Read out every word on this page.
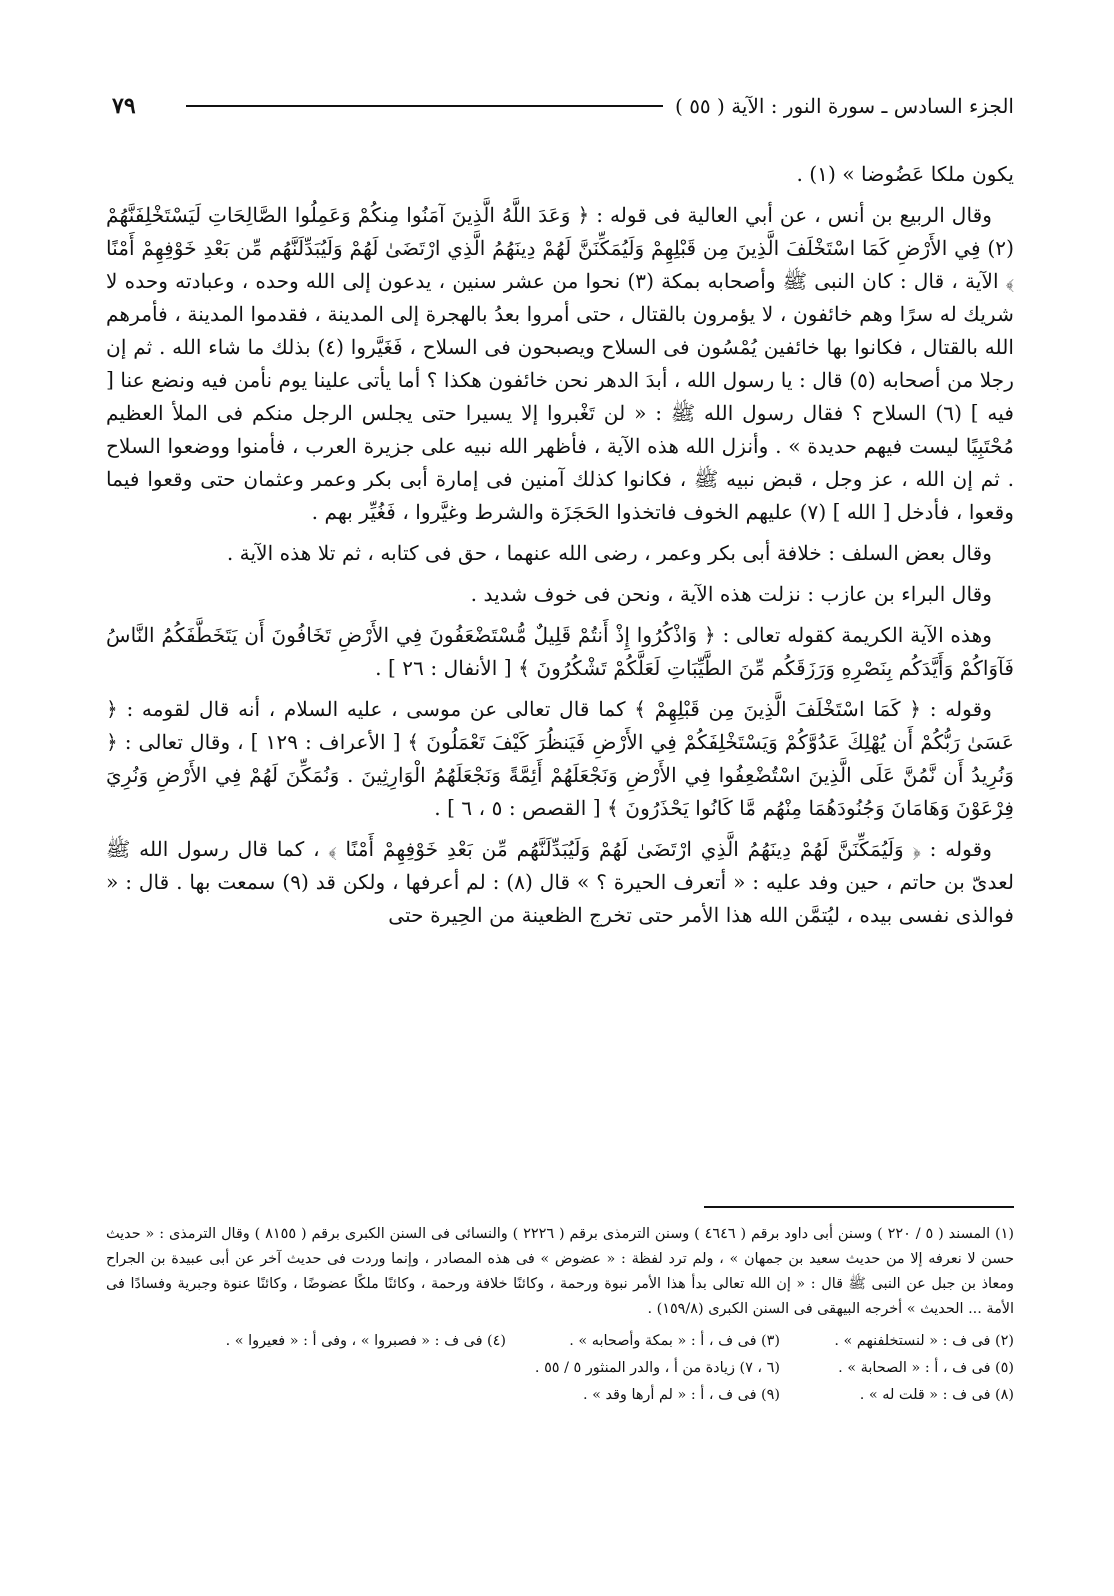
٧٩	الجزء السادس ـ سورة النور : الآية ( ٥٥ )

يكون ملكا عَضُوضا » (١) .

وقال الربيع بن أنس ، عن أبي العالية فى قوله : ﴿ وَعَدَ اللَّهُ الَّذِينَ آمَنُوا مِنكُمْ وَعَمِلُوا الصَّالِحَاتِ لَيَسْتَخْلِفَنَّهُمْ (٢) فِي الأَرْضِ كَمَا اسْتَخْلَفَ الَّذِينَ مِن قَبْلِهِمْ وَلَيُمَكِّنَنَّ لَهُمْ دِينَهُمُ الَّذِي ارْتَضَىٰ لَهُمْ وَلَيُبَدِّلَنَّهُم مِّن بَعْدِ خَوْفِهِمْ أَمْنًا ﴾ الآية ، قال : كان النبى ﷺ وأصحابه بمكة (٣) نحوا من عشر سنين ، يدعون إلى الله وحده ، وعبادته وحده لا شريك له سرًا وهم خائفون ، لا يؤمرون بالقتال ، حتى أمروا بعدُ بالهجرة إلى المدينة ، فقدموا المدينة ، فأمرهم الله بالقتال ، فكانوا بها خائفين يُمْسُون فى السلاح ويصبحون فى السلاح ، فَغَيَّروا (٤) بذلك ما شاء الله . ثم إن رجلا من أصحابه (٥) قال : يا رسول الله ، أبدَ الدهر نحن خائفون هكذا ؟ أما يأتى علينا يوم نأمن فيه ونضع عنا [ فيه ] (٦) السلاح ؟ فقال رسول الله ﷺ : « لن تَغْبروا إلا يسيرا حتى يجلس الرجل منكم فى الملأ العظيم مُحْتَبِيًا ليست فيهم حديدة » . وأنزل الله هذه الآية ، فأظهر الله نبيه على جزيرة العرب ، فأمنوا ووضعوا السلاح . ثم إن الله ، عز وجل ، قبض نبيه ﷺ ، فكانوا كذلك آمنين فى إمارة أبى بكر وعمر وعثمان حتى وقعوا فيما وقعوا ، فأدخل [ الله ] (٧) عليهم الخوف فاتخذوا الحَجَزَة والشرط وغيَّروا ، فَغُيِّر بهم .

وقال بعض السلف : خلافة أبى بكر وعمر ، رضى الله عنهما ، حق فى كتابه ، ثم تلا هذه الآية .

وقال البراء بن عازب : نزلت هذه الآية ، ونحن فى خوف شديد .

وهذه الآية الكريمة كقوله تعالى : ﴿ وَاذْكُرُوا إِذْ أَنتُمْ قَلِيلٌ مُّسْتَضْعَفُونَ فِي الأَرْضِ تَخَافُونَ أَن يَتَخَطَّفَكُمُ النَّاسُ فَآوَاكُمْ وَأَيَّدَكُم بِنَصْرِهِ وَرَزَقَكُم مِّنَ الطَّيِّبَاتِ لَعَلَّكُمْ تَشْكُرُونَ ﴾ [ الأنفال : ٢٦ ] .

وقوله : ﴿ كَمَا اسْتَخْلَفَ الَّذِينَ مِن قَبْلِهِمْ ﴾ كما قال تعالى عن موسى ، عليه السلام ، أنه قال لقومه : ﴿ عَسَىٰ رَبُّكُمْ أَن يُهْلِكَ عَدُوَّكُمْ وَيَسْتَخْلِفَكُمْ فِي الأَرْضِ فَيَنظُرَ كَيْفَ تَعْمَلُونَ ﴾ [ الأعراف : ١٢٩ ] ، وقال تعالى : ﴿ وَنُرِيدُ أَن نَّمُنَّ عَلَى الَّذِينَ اسْتُضْعِفُوا فِي الأَرْضِ وَنَجْعَلَهُمْ أَئِمَّةً وَنَجْعَلَهُمُ الْوَارِثِينَ . وَنُمَكِّنَ لَهُمْ فِي الأَرْضِ وَنُرِيَ فِرْعَوْنَ وَهَامَانَ وَجُنُودَهُمَا مِنْهُم مَّا كَانُوا يَحْذَرُونَ ﴾ [ القصص : ٥ ، ٦ ] .

وقوله : ﴿ وَلَيُمَكِّنَنَّ لَهُمْ دِينَهُمُ الَّذِي ارْتَضَىٰ لَهُمْ وَلَيُبَدِّلَنَّهُم مِّن بَعْدِ خَوْفِهِمْ أَمْنًا ﴾ ، كما قال رسول الله ﷺ لعدىّ بن حاتم ، حين وفد عليه : « أتعرف الحيرة ؟ » قال (٨) : لم أعرفها ، ولكن قد (٩) سمعت بها . قال : « فوالذى نفسى بيده ، ليُتمَّن الله هذا الأمر حتى تخرج الظعينة من الحِيرة حتى

(١) المسند ( ٥ / ٢٢٠ ) وسنن أبى داود برقم ( ٤٦٤٦ ) وسنن الترمذى برقم ( ٢٢٢٦ ) والنسائى فى السنن الكبرى برقم ( ٨١٥٥ ) وقال الترمذى : « حديث حسن لا نعرفه إلا من حديث سعيد بن جمهان » ، ولم ترد لفظة : « عضوض » فى هذه المصادر ، وإنما وردت فى حديث آخر عن أبى عبيدة بن الجراح ومعاذ بن جبل عن النبى ﷺ قال : « إن الله تعالى بدأ هذا الأمر نبوة ورحمة ، وكائنًا خلافة ورحمة ، وكائنًا ملكًا عضوضًا ، وكائنًا عنوة وجبرية وفسادًا فى الأمة ... الحديث » أخرجه البيهقى فى السنن الكبرى (١٥٩/٨) .

(٢) فى ف : « لنستخلفنهم » .
(٣) فى ف ، أ : « بمكة وأصحابه » .
(٤) فى ف : « فصبروا » ، وفى أ : « فعيروا » .
(٥) فى ف ، أ : « الصحابة » .
(٦ ، ٧) زيادة من أ ، والدر المنثور ٥ / ٥٥ .
(٨) فى ف : « قلت له » .
(٩) فى ف ، أ : « لم أرها وقد » .
